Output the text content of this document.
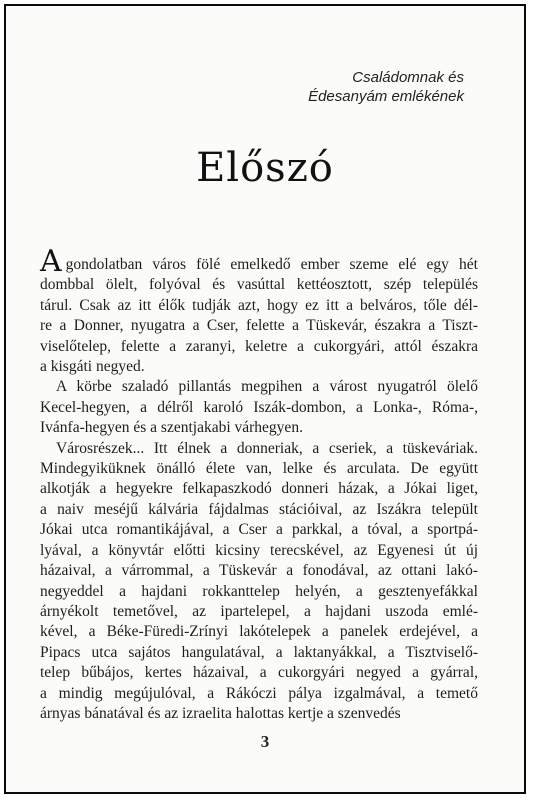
Családomnak és
Édesanyám emlékének
Előszó

Agondolatban város fölé emelkedő ember szeme elé egy hét
dombbal ölelt, folyóval és vasúttal kettéosztott, szép település
tárul. Csak az itt élők tudják azt, hogy ez itt a belváros, tőle dél-
re a Donner, nyugatra a Cser, felette a Tüskevár, északra a Tiszt-
viselőtelep, felette a zaranyi, keletre a cukorgyári, attól északra
a kisgáti negyed.

A körbe szaladó pillantás megpihen a várost nyugatról ölelő
Kecel-hegyen, a délről karoló Iszák-dombon, a Lonka-, Róma-,
Ivánfa-hegyen és a szentjakabi várhegyen.

Városrészek... Itt élnek a donneriak, a cseriek, a tüskeváriak.
Mindegyiküknek önálló élete van, lelke és arculata. De együtt
alkotják a hegyekre felkapaszkodó donneri házak, a Jókai liget,
a naiv meséjű kálvária fájdalmas stációival, az Iszákra települt
Jókai utca romantikájával, a Cser a parkkal, a tóval, a sportpá-
lyával, a könyvtár előtti kicsiny terecskével, az Egyenesi út új
házaival, a várrommal, a Tüskevár a fonodával, az ottani lakó-
negyeddel a hajdani rokkanttelep helyén, a gesztenyefákkal
árnyékolt temetővel, az ipartelepel, a hajdani uszoda emlé-
kével, a Béke-Füredi-Zrínyi lakótelepek a panelek erdejével, a
Pipacs utca sajátos hangulatával, a laktanyákkal, a Tisztviselő-
telep bűbájos, kertes házaival, a cukorgyári negyed a gyárral,
a mindig megújulóval, a Rákóczi pálya izgalmával, a temető
árnyas bánatával és az izraelita halottas kertje a szenvedés

3
